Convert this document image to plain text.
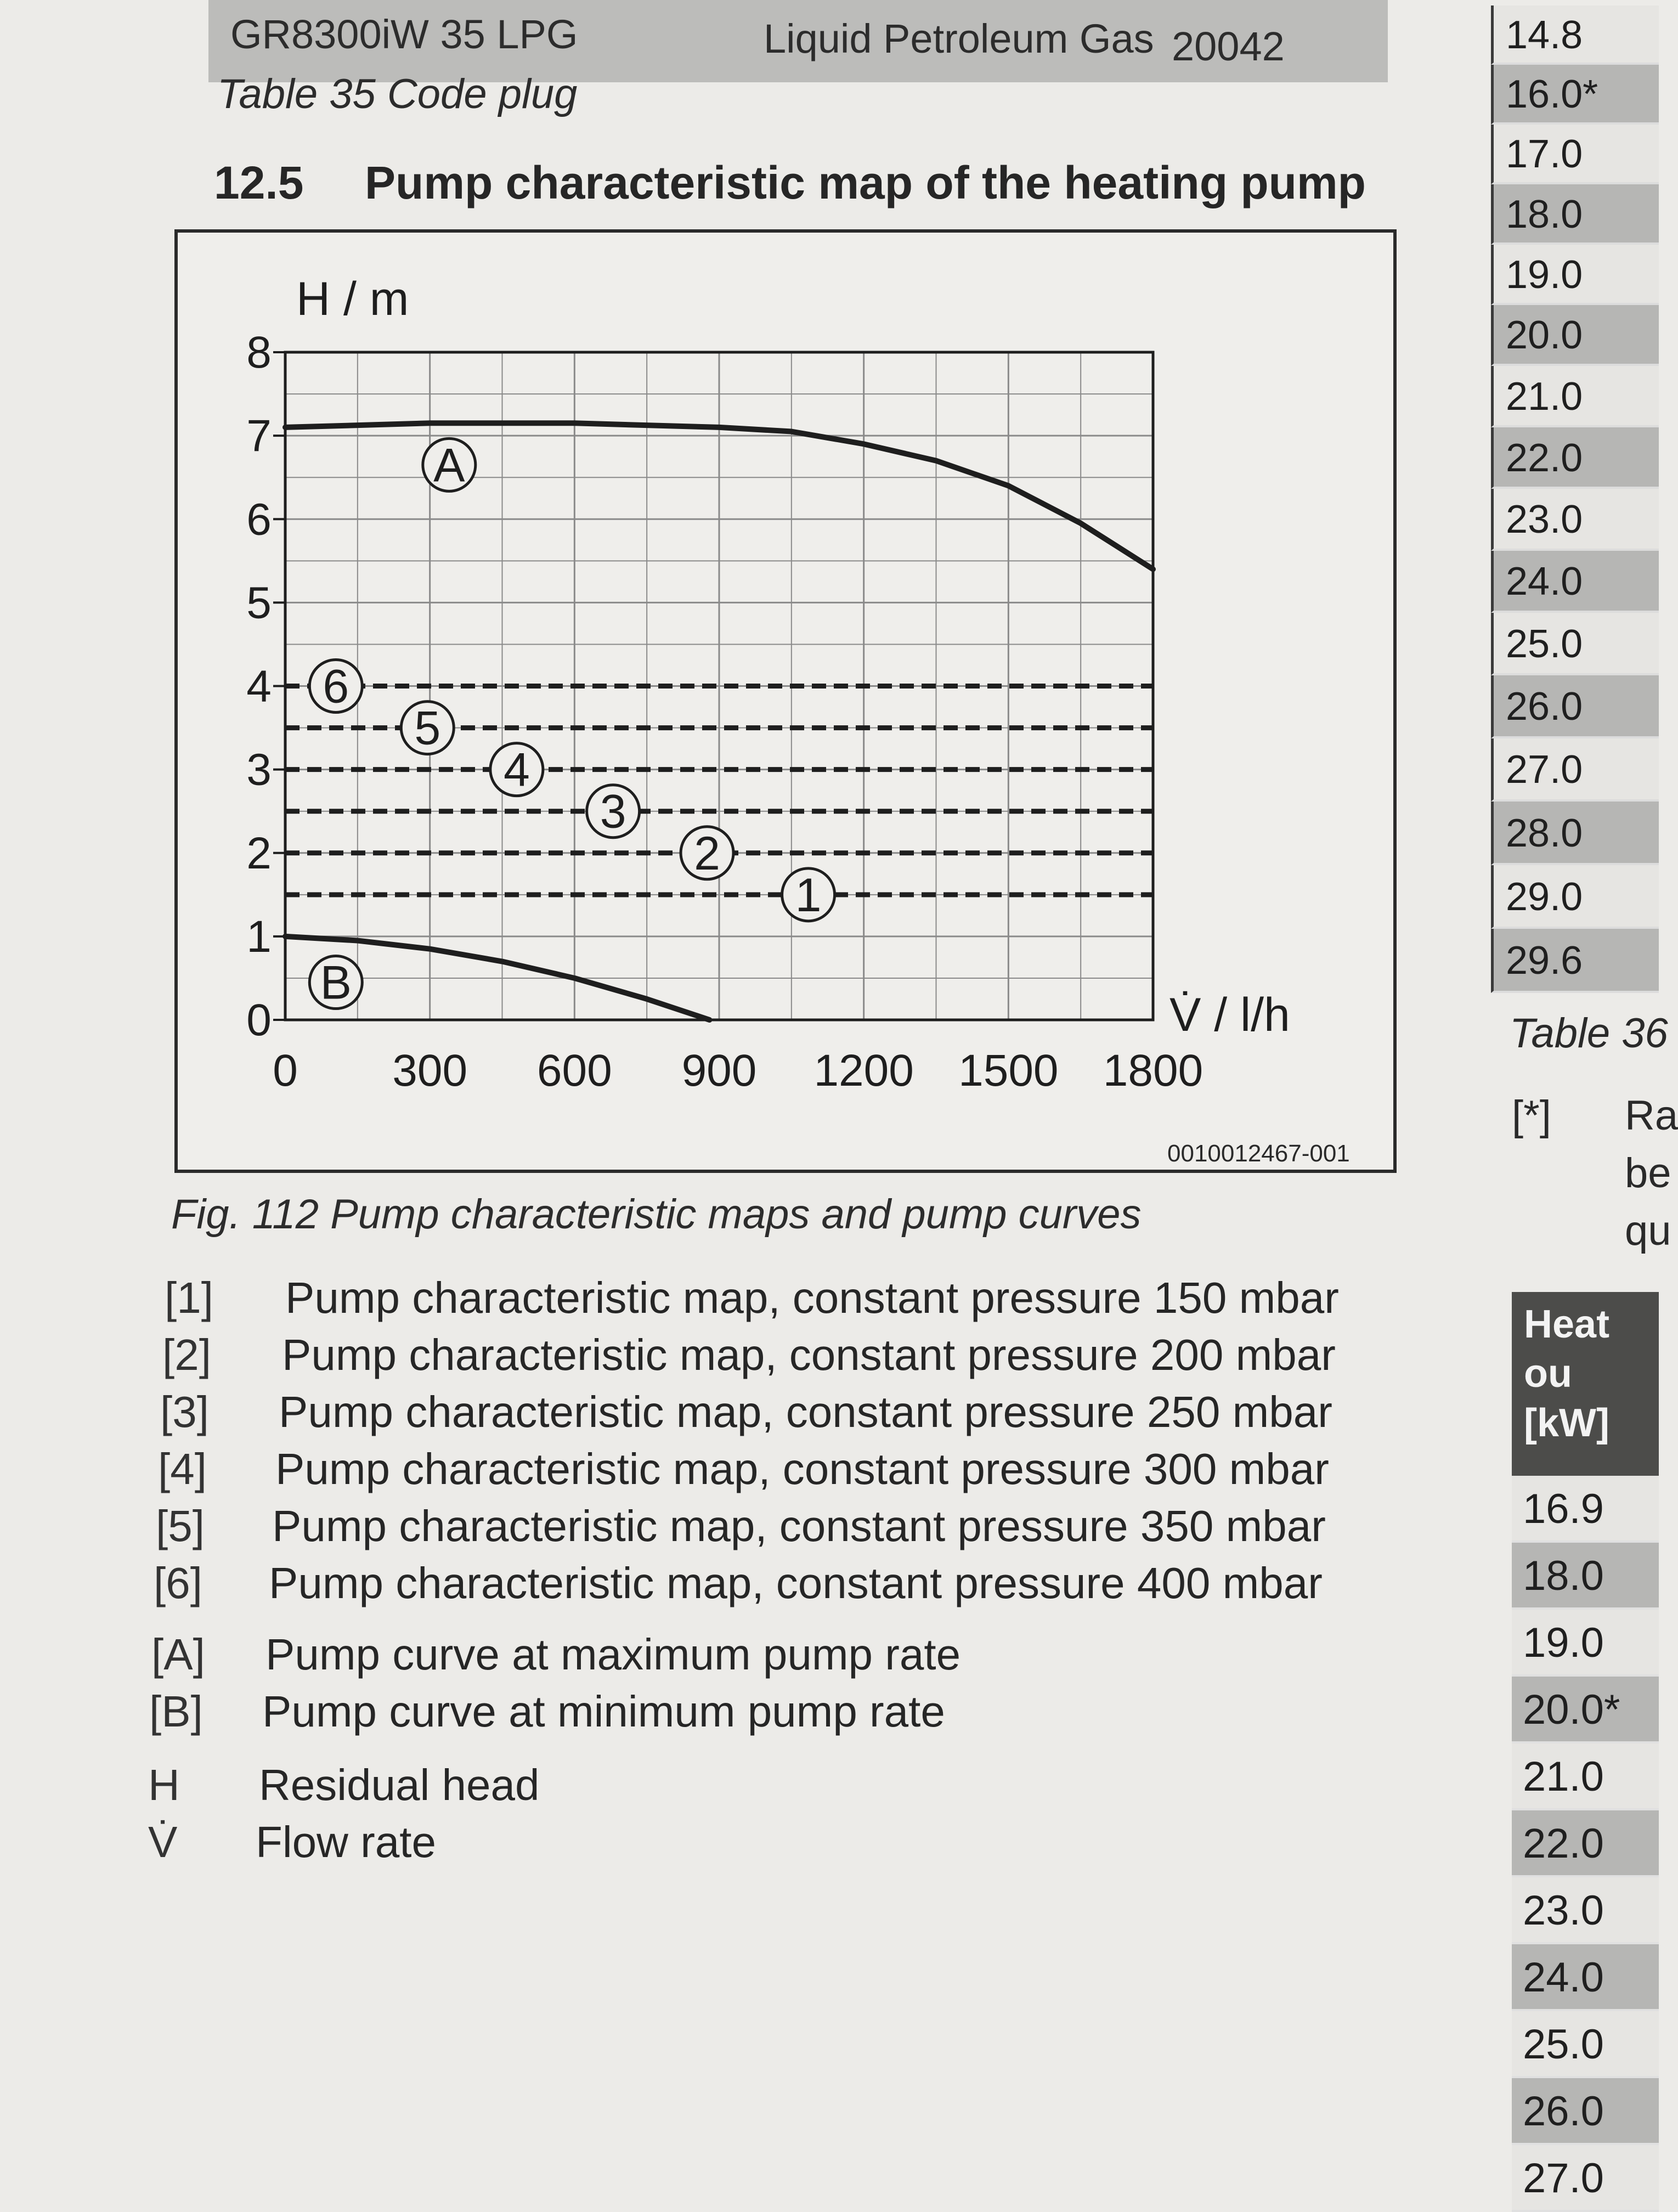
GR8300iW 35 LPG	Liquid Petroleum Gas 20042
Table 35 Code plug
12.5 Pump characteristic map of the heating pump
0
1
2
3
4
5
6
7
8
0 300 600 900 1200 1500 1800
H / m
V̇ / l/h
A
B
6
5
4
3
2
1
0010012467-001
Fig. 112 Pump characteristic maps and pump curves
[1] Pump characteristic map, constant pressure 150 mbar
[2] Pump characteristic map, constant pressure 200 mbar
[3] Pump characteristic map, constant pressure 250 mbar
[4] Pump characteristic map, constant pressure 300 mbar
[5] Pump characteristic map, constant pressure 350 mbar
[6] Pump characteristic map, constant pressure 400 mbar
[A] Pump curve at maximum pump rate
[B] Pump curve at minimum pump rate
H Residual head
V̇ Flow rate
14.8
16.0*
17.0
18.0
19.0
20.0
21.0
22.0
23.0
24.0
25.0
26.0
27.0
28.0
29.0
29.6
Table 36
[*] Ra
be
qu
Heat ou
[kW]
16.9
18.0
19.0
20.0*
21.0
22.0
23.0
24.0
25.0
26.0
27.0
